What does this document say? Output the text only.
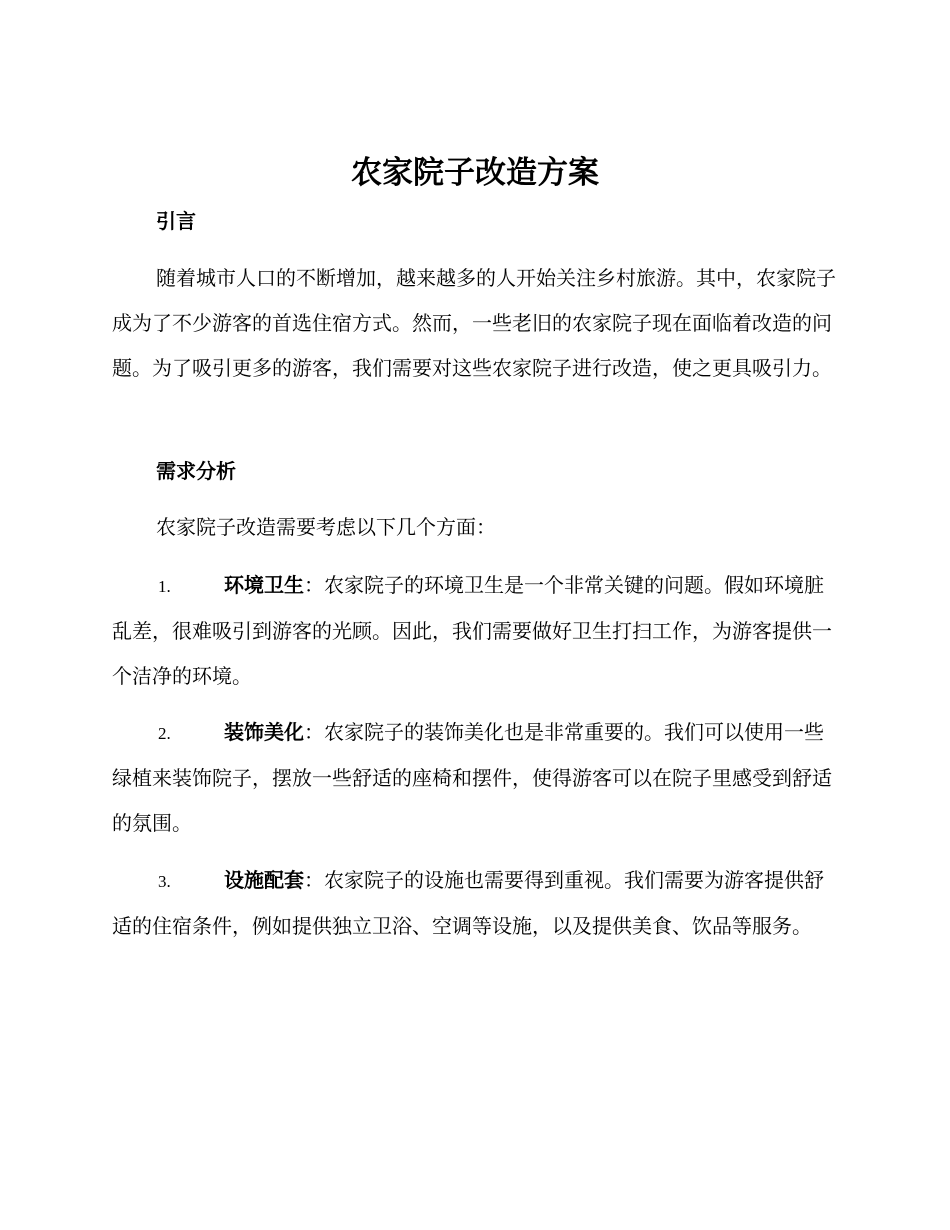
农家院子改造方案
引言

随着城市人口的不断增加，越来越多的人开始关注乡村旅游。其中，农家院子成为了不少游客的首选住宿方式。然而，一些老旧的农家院子现在面临着改造的问题。为了吸引更多的游客，我们需要对这些农家院子进行改造，使之更具吸引力。

需求分析

农家院子改造需要考虑以下几个方面：

1.	环境卫生：农家院子的环境卫生是一个非常关键的问题。假如环境脏乱差，很难吸引到游客的光顾。因此，我们需要做好卫生打扫工作，为游客提供一个洁净的环境。

2.	装饰美化：农家院子的装饰美化也是非常重要的。我们可以使用一些绿植来装饰院子，摆放一些舒适的座椅和摆件，使得游客可以在院子里感受到舒适的氛围。

3.	设施配套：农家院子的设施也需要得到重视。我们需要为游客提供舒适的住宿条件，例如提供独立卫浴、空调等设施，以及提供美食、饮品等服务。
